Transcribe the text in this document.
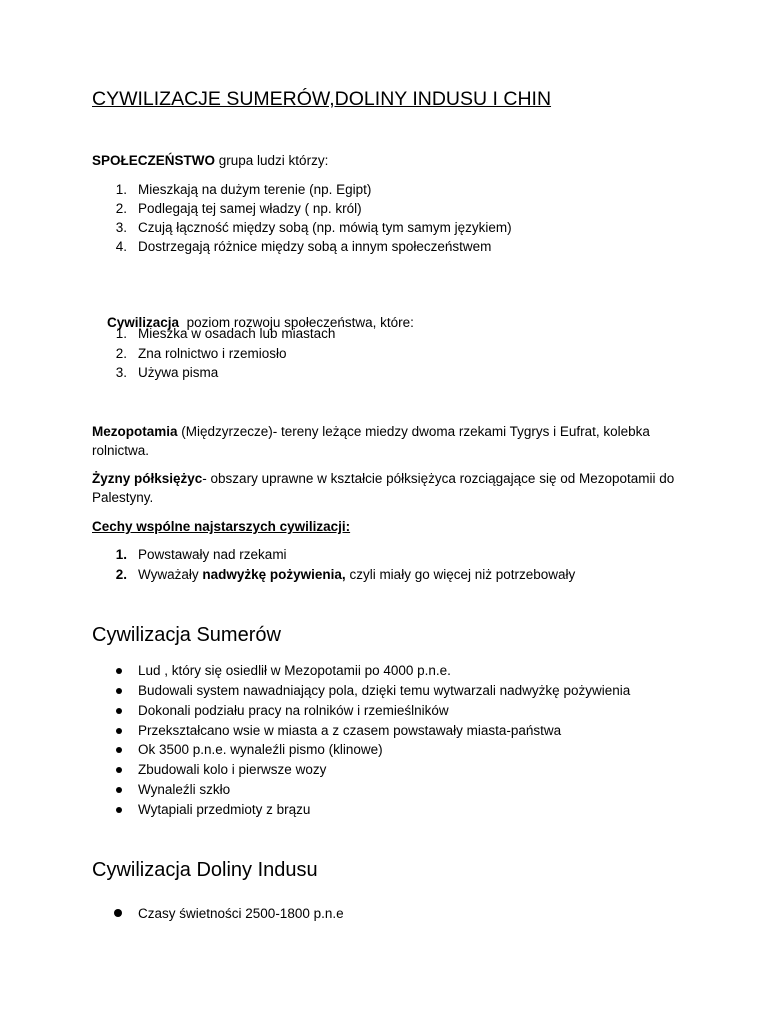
CYWILIZACJE SUMERÓW,DOLINY INDUSU I CHIN
SPOŁECZEŃSTWO grupa ludzi którzy:
1. Mieszkają na dużym terenie (np. Egipt)
2. Podlegają tej samej władzy ( np. król)
3. Czują łączność między sobą (np. mówią tym samym językiem)
4. Dostrzegają różnice między sobą a innym społeczeństwem

Cywilizacja  poziom rozwoju społeczeństwa, które:

1. Mieszka w osadach lub miastach
2. Zna rolnictwo i rzemiosło
3. Używa pisma
Mezopotamia (Międzyrzecze)- tereny leżące miedzy dwoma rzekami Tygrys i Eufrat, kolebka rolnictwa.
Żyzny półksiężyc- obszary uprawne w kształcie półksiężyca rozciągające się od Mezopotamii do Palestyny.
Cechy wspólne najstarszych cywilizacji:
1. Powstawały nad rzekami
2. Wyważały nadwyżkę pożywienia, czyli miały go więcej niż potrzebowały
Cywilizacja Sumerów
Lud , który się osiedlił w Mezopotamii po 4000 p.n.e.
Budowali system nawadniający pola, dzięki temu wytwarzali nadwyżkę pożywienia
Dokonali podziału pracy na rolników i rzemieślników
Przekształcano wsie w miasta a z czasem powstawały miasta-państwa
Ok 3500 p.n.e. wynaleźli pismo (klinowe)
Zbudowali kolo i pierwsze wozy
Wynaleźli szkło
Wytapiali przedmioty z brązu
Cywilizacja Doliny Indusu
Czasy świetności 2500-1800 p.n.e
